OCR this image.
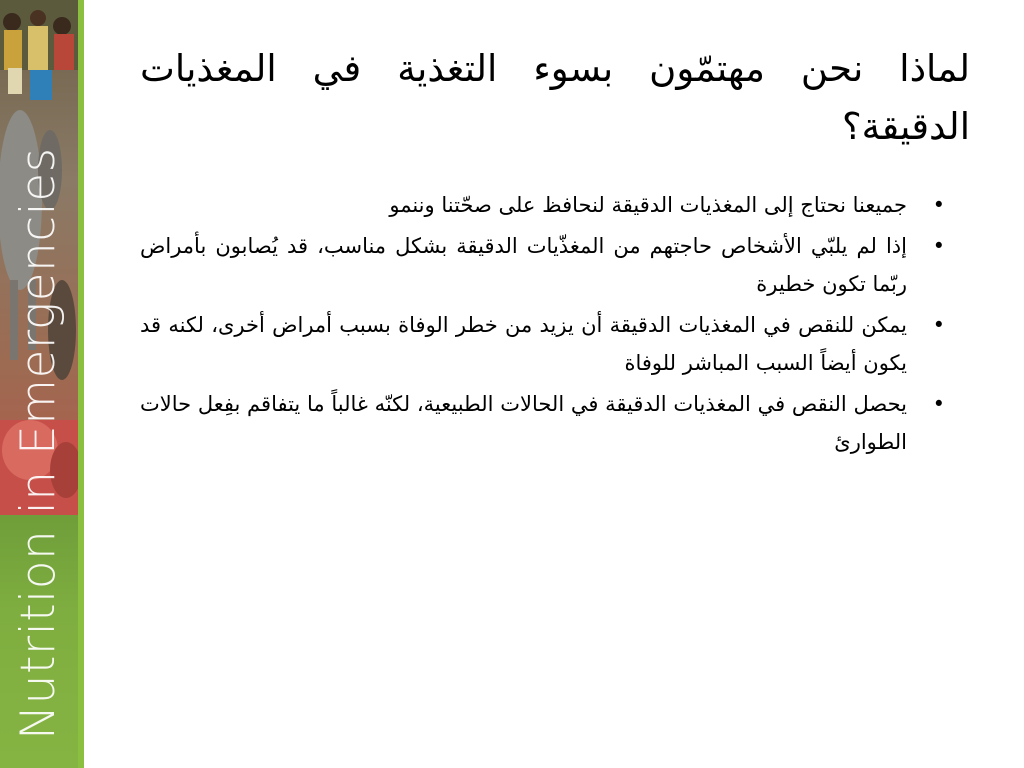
Nutrition in Emergencies
لماذا نحن مهتمّون بسوء التغذية في المغذيات الدقيقة؟
•
جميعنا نحتاج إلى المغذيات الدقيقة لنحافظ على صحّتنا وننمو
•
إذا لم يلبّي الأشخاص حاجتهم من المغذّيات الدقيقة بشكل مناسب، قد يُصابون بأمراض ربّما تكون خطيرة
•
يمكن للنقص في المغذيات الدقيقة أن يزيد من خطر الوفاة بسبب أمراض أخرى، لكنه قد يكون أيضاً السبب المباشر للوفاة
•
يحصل النقص في المغذيات الدقيقة في الحالات الطبيعية، لكنّه غالباً ما يتفاقم بفِعل حالات الطوارئ
